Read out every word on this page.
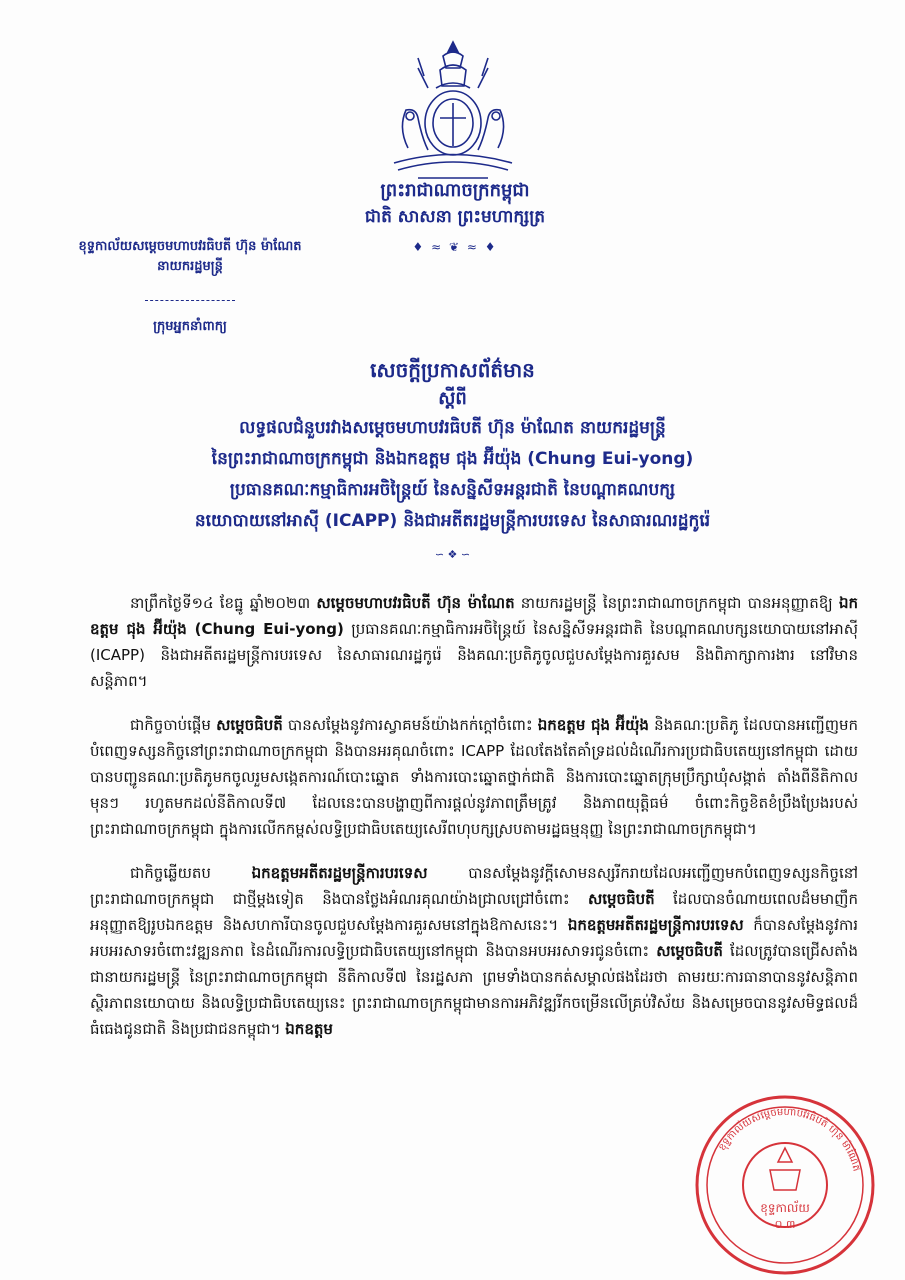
ព្រះរាជាណាចក្រកម្ពុជា
ជាតិ សាសនា ព្រះមហាក្សត្រ
♦ ≈ ❦ ≈ ♦
ខុទ្ទកាល័យសម្ដេចមហាបវរធិបតី ហ៊ុន ម៉ាណែត
នាយករដ្ឋមន្ត្រី
ក្រុមអ្នកនាំពាក្យ
សេចក្តីប្រកាសព័ត៌មាន
ស្តីពី
លទ្ធផលជំនួបរវាងសម្តេចមហាបវរធិបតី ហ៊ុន ម៉ាណែត នាយករដ្ឋមន្ត្រី
នៃព្រះរាជាណាចក្រកម្ពុជា និងឯកឧត្តម ជុង អ៊ីយ៉ុង (Chung Eui-yong)
ប្រធានគណៈកម្មាធិការអចិន្ត្រៃយ៍ នៃសន្និសីទអន្តរជាតិ នៃបណ្តាគណបក្ស
នយោបាយនៅអាស៊ី (ICAPP) និងជាអតីតរដ្ឋមន្ត្រីការបរទេស នៃសាធារណរដ្ឋកូរ៉េ
∽ ❖ ∽

នាព្រឹកថ្ងៃទី១៤ ខែធ្នូ ឆ្នាំ២០២៣ សម្តេចមហាបវរធិបតី ហ៊ុន ម៉ាណែត នាយករដ្ឋមន្ត្រី នៃព្រះរាជាណាចក្រកម្ពុជា បានអនុញ្ញាតឱ្យ ឯកឧត្តម ជុង អ៊ីយ៉ុង (Chung Eui-yong) ប្រធានគណៈកម្មាធិការអចិន្ត្រៃយ៍ នៃសន្និសីទអន្តរជាតិ នៃបណ្តាគណបក្សនយោបាយនៅអាស៊ី (ICAPP) និងជាអតីតរដ្ឋមន្ត្រីការបរទេស នៃសាធារណរដ្ឋកូរ៉េ និងគណៈប្រតិភូចូលជួបសម្តែងការគួរសម និងពិភាក្សាការងារ នៅវិមានសន្តិភាព។

ជាកិច្ចចាប់ផ្តើម សម្តេចធិបតី បានសម្តែងនូវការស្វាគមន៍យ៉ាងកក់ក្តៅចំពោះ ឯកឧត្តម ជុង អ៊ីយ៉ុង និងគណៈប្រតិភូ ដែលបានអញ្ជើញមកបំពេញទស្សនកិច្ចនៅព្រះរាជាណាចក្រកម្ពុជា និងបានអរគុណចំពោះ ICAPP ដែលតែងតែគាំទ្រដល់ដំណើរការប្រជាធិបតេយ្យនៅកម្ពុជា ដោយបានបញ្ជូនគណៈប្រតិភូមកចូលរួមសង្កេតការណ៍បោះឆ្នោត ទាំងការបោះឆ្នោតថ្នាក់ជាតិ និងការបោះឆ្នោតក្រុមប្រឹក្សាឃុំសង្កាត់ តាំងពីនីតិកាលមុនៗ រហូតមកដល់នីតិកាលទី៧ ដែលនេះបានបង្ហាញពីការផ្តល់នូវភាពត្រឹមត្រូវ និងភាពយុត្តិធម៌ ចំពោះកិច្ចខិតខំប្រឹងប្រែងរបស់ព្រះរាជាណាចក្រកម្ពុជា ក្នុងការលើកកម្ពស់លទ្ធិប្រជាធិបតេយ្យសេរីពហុបក្សស្របតាមរដ្ឋធម្មនុញ្ញ នៃព្រះរាជាណាចក្រកម្ពុជា។

ជាកិច្ចឆ្លើយតប ឯកឧត្តមអតីតរដ្ឋមន្ត្រីការបរទេស បានសម្តែងនូវក្តីសោមនស្សរីករាយដែលអញ្ជើញមកបំពេញទស្សនកិច្ចនៅព្រះរាជាណាចក្រកម្ពុជា ជាថ្មីម្តងទៀត និងបានថ្លែងអំណរគុណយ៉ាងជ្រាលជ្រៅចំពោះ សម្តេចធិបតី ដែលបានចំណាយពេលដ៏មមាញឹកអនុញ្ញាតឱ្យរូបឯកឧត្តម និងសហការីបានចូលជួបសម្តែងការគួរសមនៅក្នុងឱកាសនេះ។ ឯកឧត្តមអតីតរដ្ឋមន្ត្រីការបរទេស ក៏បានសម្តែងនូវការអបអរសាទរចំពោះវឌ្ឍនភាព នៃដំណើរការលទ្ធិប្រជាធិបតេយ្យនៅកម្ពុជា និងបានអបអរសាទរជូនចំពោះ សម្តេចធិបតី ដែលត្រូវបានជ្រើសតាំងជានាយករដ្ឋមន្ត្រី នៃព្រះរាជាណាចក្រកម្ពុជា នីតិកាលទី៧ នៃរដ្ឋសភា ព្រមទាំងបានកត់សម្គាល់ផងដែរថា តាមរយៈការធានាបាននូវសន្តិភាព ស្ថិរភាពនយោបាយ និងលទ្ធិប្រជាធិបតេយ្យនេះ ព្រះរាជាណាចក្រកម្ពុជាមានការអភិវឌ្ឍរីកចម្រើនលើគ្រប់វិស័យ និងសម្រេចបាននូវសមិទ្ធផលដ៏ធំធេងជូនជាតិ និងប្រជាជនកម្ពុជា។ ឯកឧត្តម

ខុទ្ទកាល័យ
០.៣
ខុទ្ទកាល័យសម្តេចមហាបវរធិបតី ហ៊ុន ម៉ាណែត
